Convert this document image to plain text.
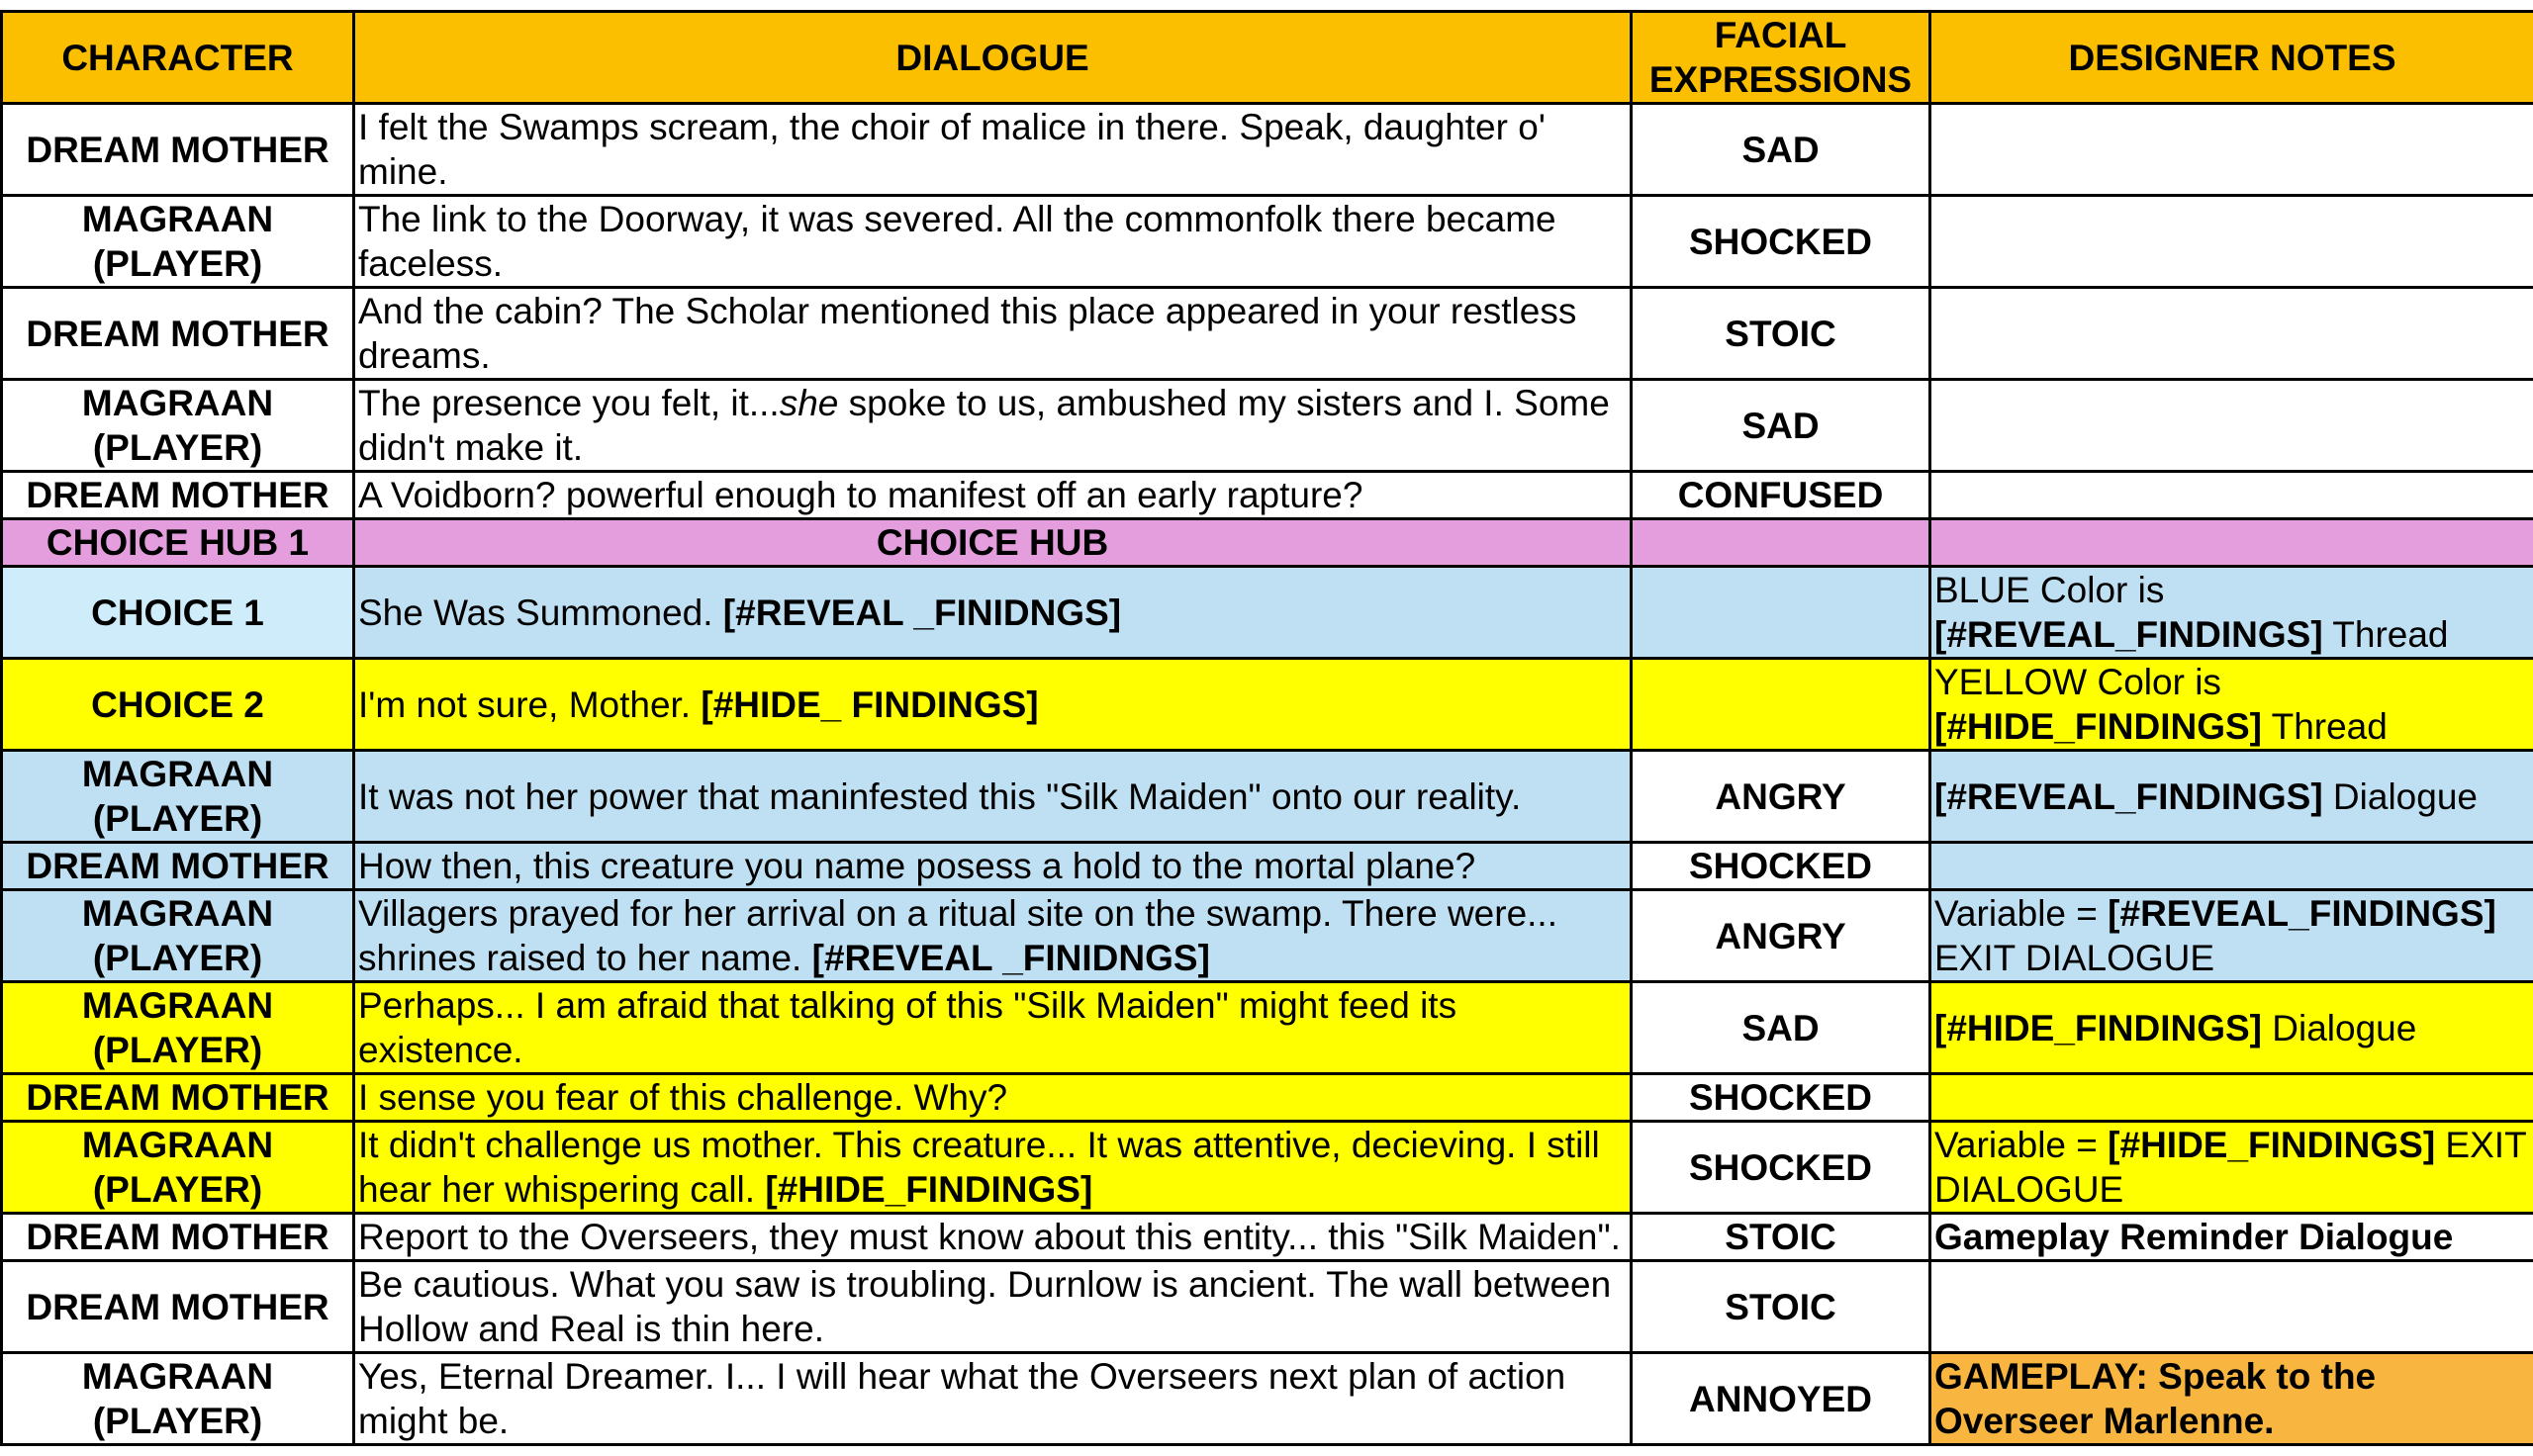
CHARACTER	DIALOGUE	FACIAL EXPRESSIONS	DESIGNER NOTES
DREAM MOTHER	I felt the Swamps scream, the choir of malice in there. Speak, daughter o' mine.	SAD	
MAGRAAN (PLAYER)	The link to the Doorway, it was severed. All the commonfolk there became faceless.	SHOCKED	
DREAM MOTHER	And the cabin? The Scholar mentioned this place appeared in your restless dreams.	STOIC	
MAGRAAN (PLAYER)	The presence you felt, it...she spoke to us, ambushed my sisters and I. Some didn't make it.	SAD	
DREAM MOTHER	A Voidborn? powerful enough to manifest off an early rapture?	CONFUSED	
CHOICE HUB 1	CHOICE HUB		
CHOICE 1	She Was Summoned. [#REVEAL _FINIDNGS]		BLUE Color is [#REVEAL_FINDINGS] Thread
CHOICE 2	I'm not sure, Mother. [#HIDE_ FINDINGS]		YELLOW Color is [#HIDE_FINDINGS] Thread
MAGRAAN (PLAYER)	It was not her power that maninfested this "Silk Maiden" onto our reality.	ANGRY	[#REVEAL_FINDINGS] Dialogue
DREAM MOTHER	How then, this creature you name posess a hold to the mortal plane?	SHOCKED	
MAGRAAN (PLAYER)	Villagers prayed for her arrival on a ritual site on the swamp. There were... shrines raised to her name. [#REVEAL _FINIDNGS]	ANGRY	Variable = [#REVEAL_FINDINGS] EXIT DIALOGUE
MAGRAAN (PLAYER)	Perhaps... I am afraid that talking of this "Silk Maiden" might feed its existence.	SAD	[#HIDE_FINDINGS] Dialogue
DREAM MOTHER	I sense you fear of this challenge. Why?	SHOCKED	
MAGRAAN (PLAYER)	It didn't challenge us mother. This creature... It was attentive, decieving. I still hear her whispering call. [#HIDE_FINDINGS]	SHOCKED	Variable = [#HIDE_FINDINGS] EXIT DIALOGUE
DREAM MOTHER	Report to the Overseers, they must know about this entity... this "Silk Maiden".	STOIC	Gameplay Reminder Dialogue
DREAM MOTHER	Be cautious. What you saw is troubling. Durnlow is ancient. The wall between Hollow and Real is thin here.	STOIC	
MAGRAAN (PLAYER)	Yes, Eternal Dreamer. I... I will hear what the Overseers next plan of action might be.	ANNOYED	GAMEPLAY: Speak to the Overseer Marlenne.
